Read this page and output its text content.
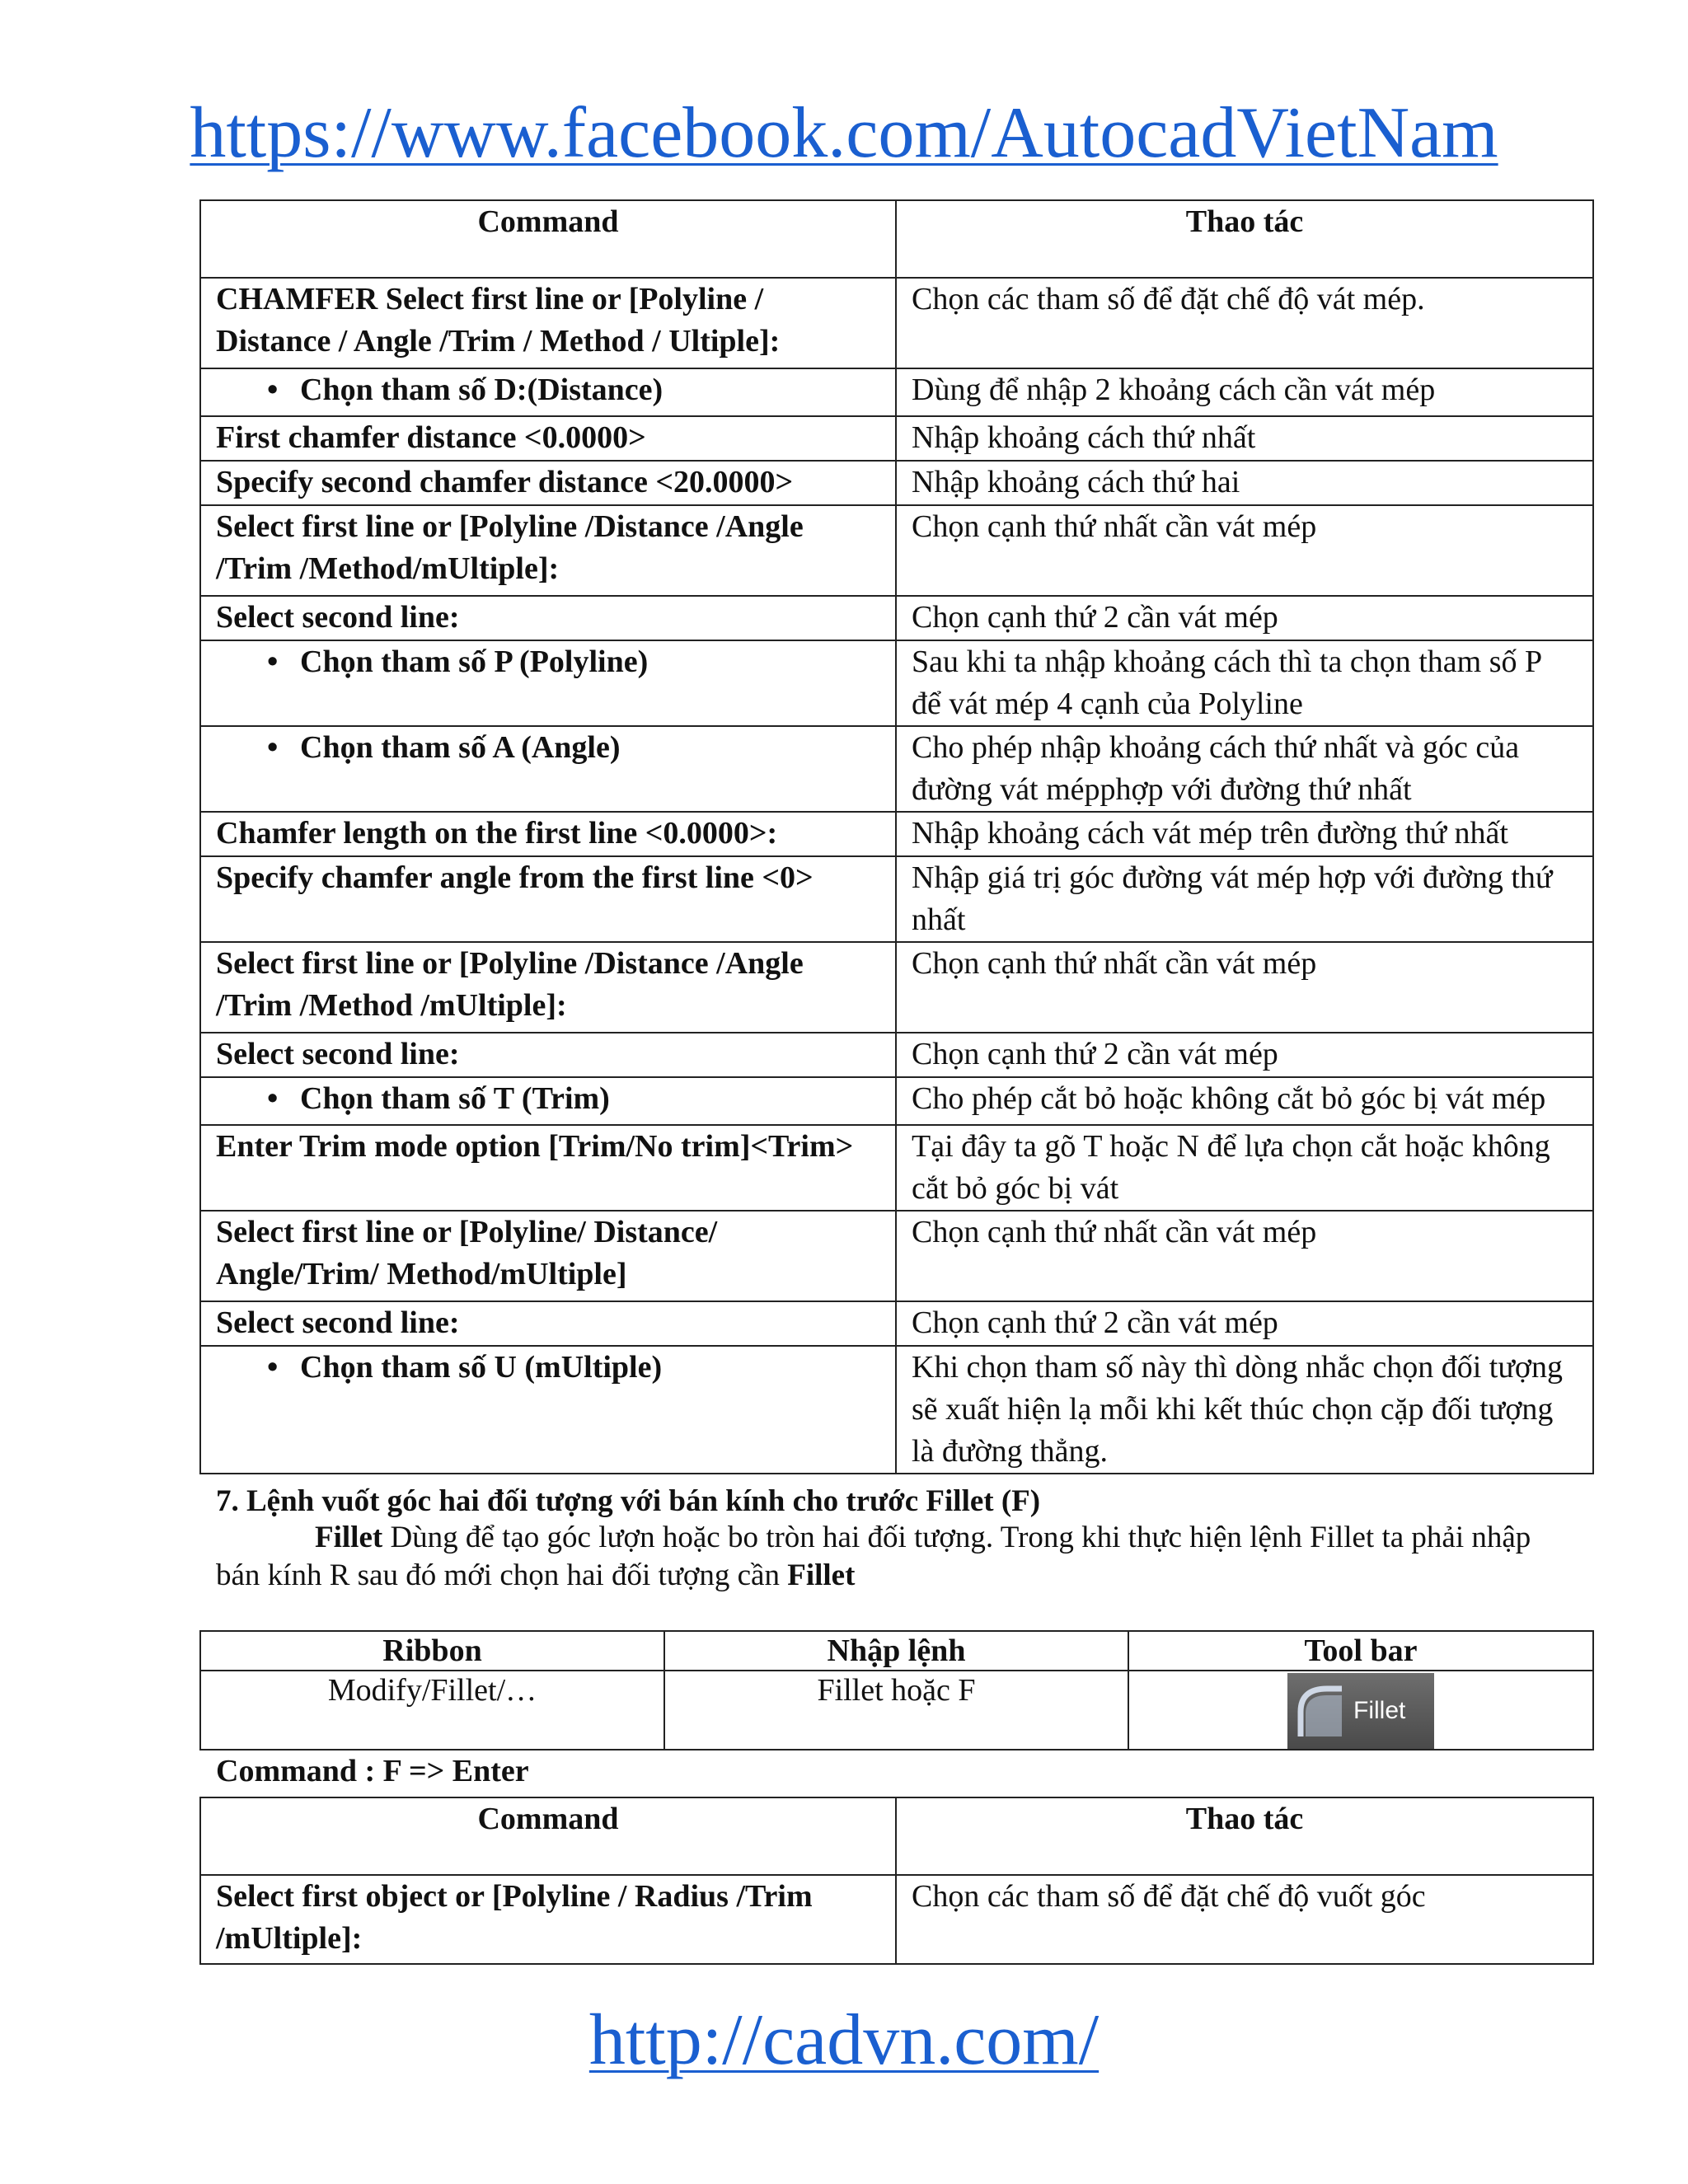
https://www.facebook.com/AutocadVietNam
Command	Thao tác
CHAMFER Select first line or [Polyline / Distance / Angle /Trim / Method / Ultiple]:	Chọn các tham số để đặt chế độ vát mép.

• Chọn tham số D:(Distance)	Dùng để nhập 2 khoảng cách cần vát mép
First chamfer distance <0.0000>	Nhập khoảng cách thứ nhất
Specify second chamfer distance <20.0000>	Nhập khoảng cách thứ hai
Select first line or [Polyline /Distance /Angle /Trim /Method/mUltiple]:	Chọn cạnh thứ nhất cần vát mép
Select second line:	Chọn cạnh thứ 2 cần vát mép

• Chọn tham số P (Polyline)	Sau khi ta nhập khoảng cách thì ta chọn tham số P để vát mép 4 cạnh của Polyline

• Chọn tham số A (Angle)	Cho phép nhập khoảng cách thứ nhất và góc của đường vát mépphợp với đường thứ nhất
Chamfer length on the first line <0.0000>:	Nhập khoảng cách vát mép trên đường thứ nhất
Specify chamfer angle from the first line <0>	Nhập giá trị góc đường vát mép hợp với đường thứ nhất
Select first line or [Polyline /Distance /Angle /Trim /Method /mUltiple]:	Chọn cạnh thứ nhất cần vát mép
Select second line:	Chọn cạnh thứ 2 cần vát mép

• Chọn tham số T (Trim)	Cho phép cắt bỏ hoặc không cắt bỏ góc bị vát mép
Enter Trim mode option [Trim/No trim]<Trim>	Tại đây ta gõ T hoặc N để lựa chọn cắt hoặc không cắt bỏ góc bị vát
Select first line or [Polyline/ Distance/ Angle/Trim/ Method/mUltiple]	Chọn cạnh thứ nhất cần vát mép
Select second line:	Chọn cạnh thứ 2 cần vát mép

• Chọn tham số U (mUltiple)	Khi chọn tham số này thì dòng nhắc chọn đối tượng sẽ xuất hiện lạ mỗi khi kết thúc chọn cặp đối tượng là đường thẳng.
7. Lệnh vuốt góc hai đối tượng với bán kính cho trước Fillet (F)
Fillet Dùng để tạo góc lượn hoặc bo tròn hai đối tượng. Trong khi thực hiện lệnh Fillet ta phải nhập bán kính R sau đó mới chọn hai đối tượng cần Fillet
Ribbon	Nhập lệnh	Tool bar
Modify/Fillet/…	Fillet hoặc F	Fillet
Command : F => Enter
Command	Thao tác
Select first object or [Polyline / Radius /Trim /mUltiple]:	Chọn các tham số để đặt chế độ vuốt góc
http://cadvn.com/
